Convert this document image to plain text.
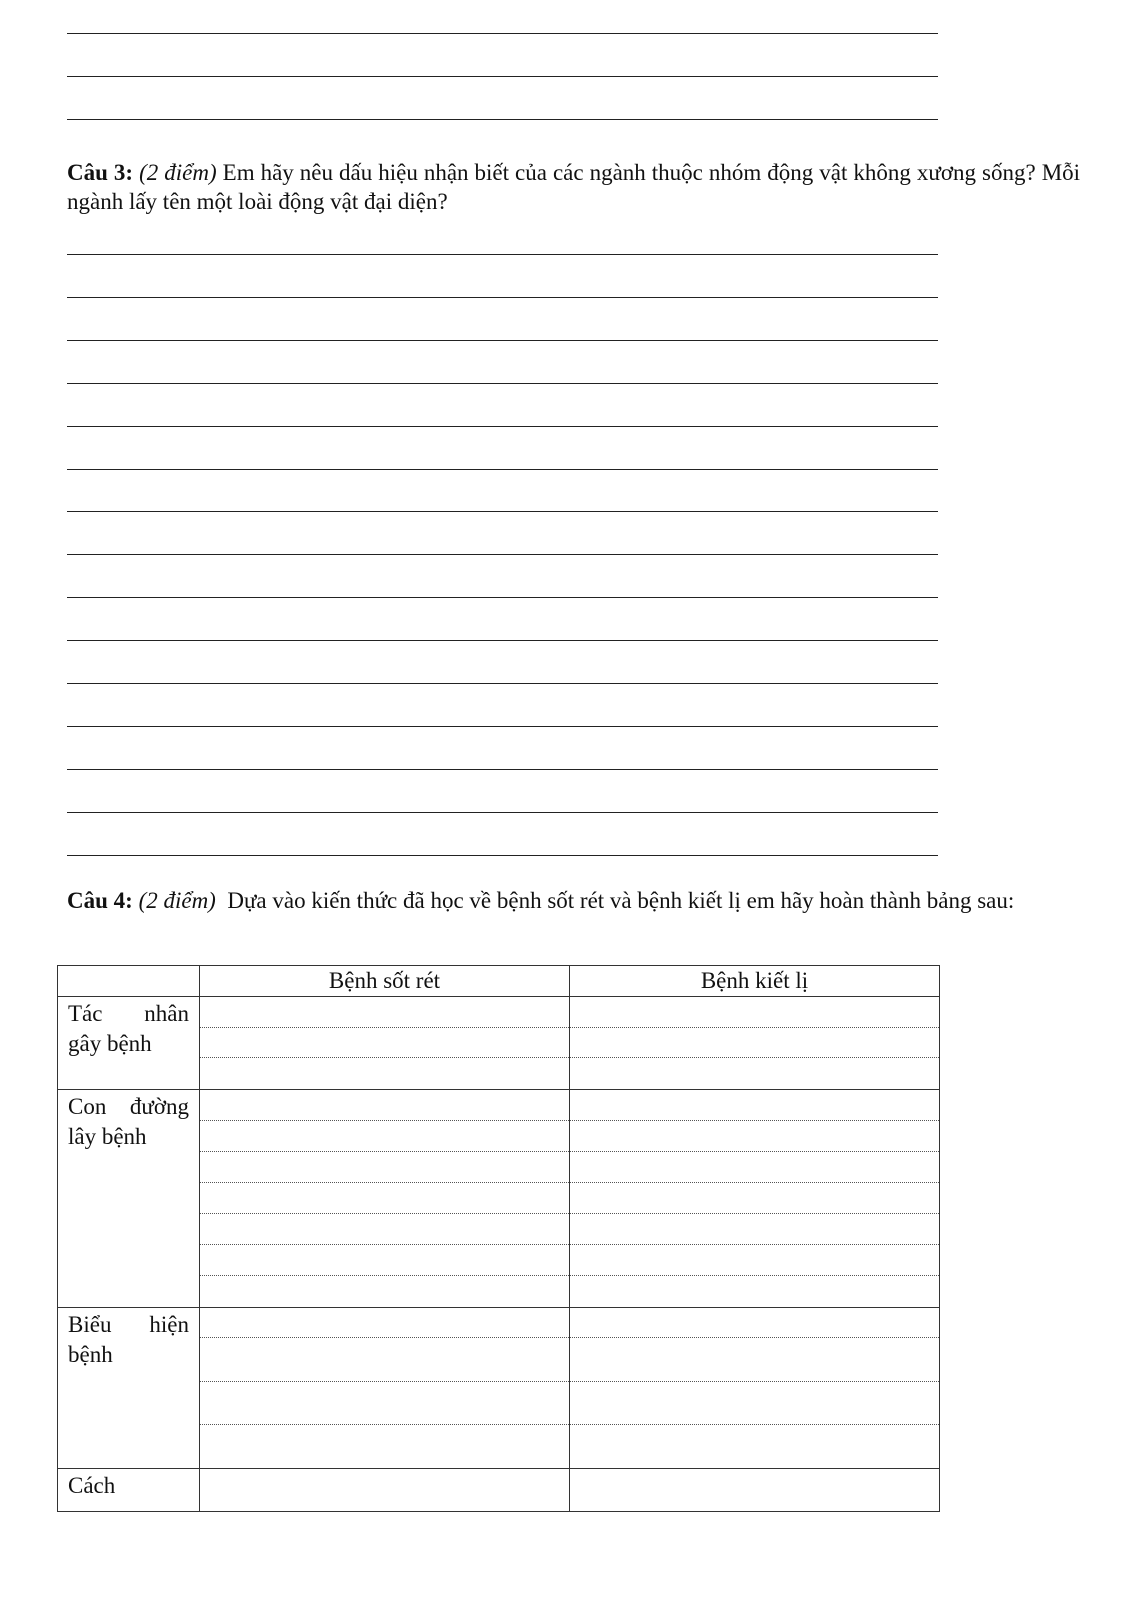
Câu 3: (2 điểm) Em hãy nêu dấu hiệu nhận biết của các ngành thuộc nhóm động vật không xương sống? Mỗi ngành lấy tên một loài động vật đại diện?
Câu 4: (2 điểm) Dựa vào kiến thức đã học về bệnh sốt rét và bệnh kiết lị em hãy hoàn thành bảng sau:
	Bệnh sốt rét	Bệnh kiết lị
Tác nhân gây bệnh	

Con đường lây bệnh	

Biểu hiện bệnh	

Cách	
